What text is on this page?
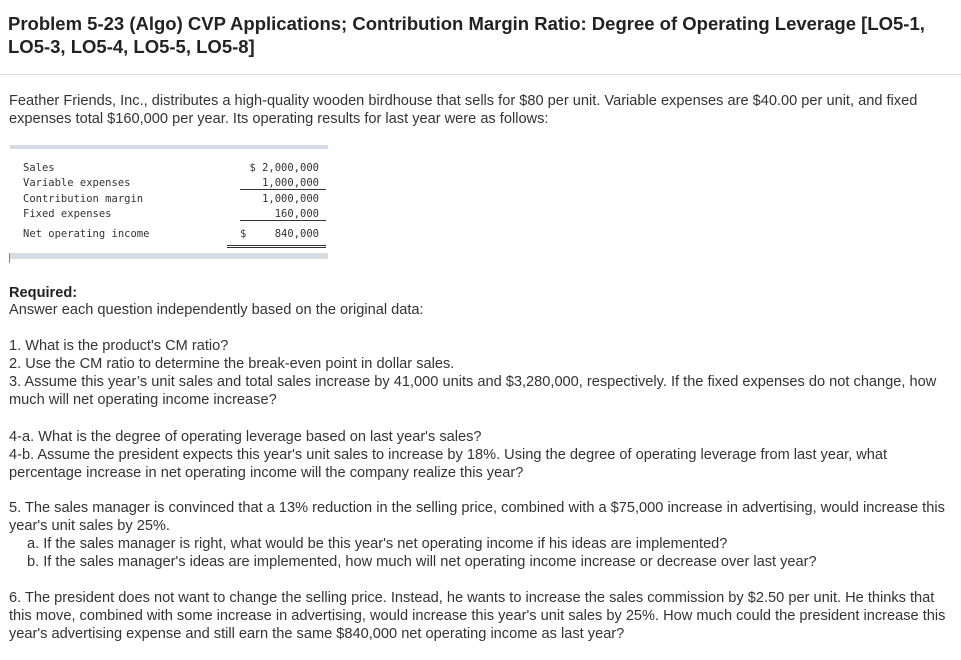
Problem 5-23 (Algo) CVP Applications; Contribution Margin Ratio: Degree of Operating Leverage [LO5-1, LO5-3, LO5-4, LO5-5, LO5-8]

Feather Friends, Inc., distributes a high-quality wooden birdhouse that sells for $80 per unit. Variable expenses are $40.00 per unit, and fixed expenses total $160,000 per year. Its operating results for last year were as follows:

Sales	$ 2,000,000
Variable expenses	1,000,000
Contribution margin	1,000,000
Fixed expenses	160,000
Net operating income	$	840,000

Required:

Answer each question independently based on the original data:

1. What is the product's CM ratio?

2. Use the CM ratio to determine the break-even point in dollar sales.

3. Assume this year’s unit sales and total sales increase by 41,000 units and $3,280,000, respectively. If the fixed expenses do not change, how much will net operating income increase?

4-a. What is the degree of operating leverage based on last year's sales?

4-b. Assume the president expects this year's unit sales to increase by 18%. Using the degree of operating leverage from last year, what percentage increase in net operating income will the company realize this year?

5. The sales manager is convinced that a 13% reduction in the selling price, combined with a $75,000 increase in advertising, would increase this year's unit sales by 25%.

a. If the sales manager is right, what would be this year's net operating income if his ideas are implemented?

b. If the sales manager's ideas are implemented, how much will net operating income increase or decrease over last year?

6. The president does not want to change the selling price. Instead, he wants to increase the sales commission by $2.50 per unit. He thinks that this move, combined with some increase in advertising, would increase this year's unit sales by 25%. How much could the president increase this year's advertising expense and still earn the same $840,000 net operating income as last year?
